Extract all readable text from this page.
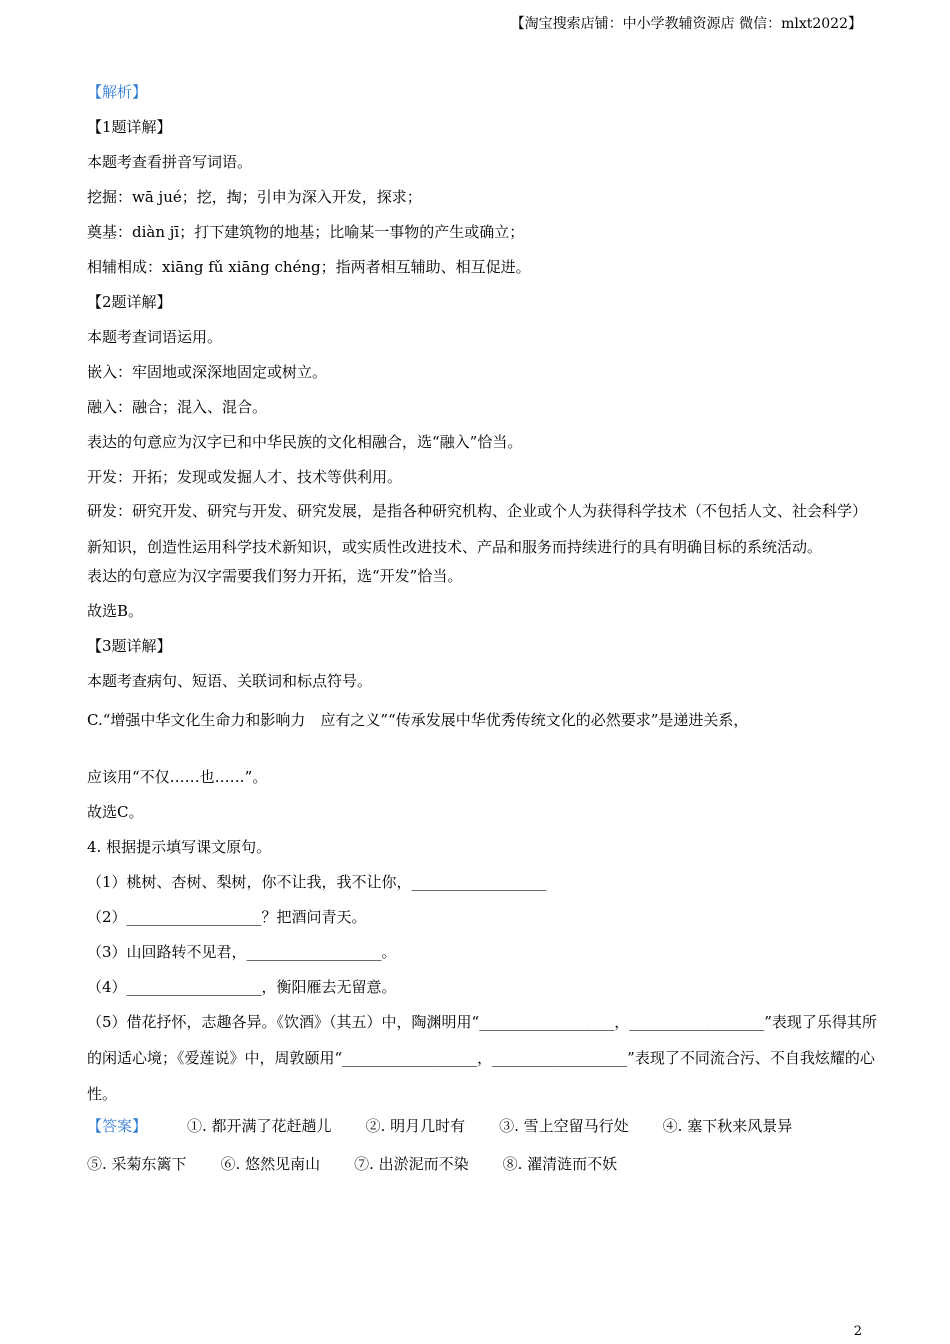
【淘宝搜索店铺：中小学教辅资源店 微信：mlxt2022】
【解析】
【1题详解】
本题考查看拼音写词语。
挖掘：wā jué；挖，掏；引申为深入开发，探求；
奠基：diàn jī；打下建筑物的地基；比喻某一事物的产生或确立；
相辅相成：xiāng fǔ xiāng chéng；指两者相互辅助、相互促进。
【2题详解】
本题考查词语运用。
嵌入：牢固地或深深地固定或树立。
融入：融合；混入、混合。
表达的句意应为汉字已和中华民族的文化相融合，选“融入”恰当。
开发：开拓；发现或发掘人才、技术等供利用。
研发：研究开发、研究与开发、研究发展，是指各种研究机构、企业或个人为获得科学技术（不包括人文、社会科学）新知识，创造性运用科学技术新知识，或实质性改进技术、产品和服务而持续进行的具有明确目标的系统活动。
表达的句意应为汉字需要我们努力开拓，选“开发”恰当。
故选B。
【3题详解】
本题考查病句、短语、关联词和标点符号。
C.“增强中华文化生命力和影响力　应有之义”“传承发展中华优秀传统文化的必然要求”是递进关系，
应该用“不仅……也……”。
故选C。
4. 根据提示填写课文原句。
（1）桃树、杏树、梨树，你不让我，我不让你，__________________
（2）__________________？把酒问青天。
（3）山回路转不见君，__________________。
（4）__________________，衡阳雁去无留意。
（5）借花抒怀，志趣各异。《饮酒》（其五）中，陶渊明用“__________________，__________________”表现了乐得其所的闲适心境；《爱莲说》中，周敦颐用“__________________，__________________”表现了不同流合污、不自我炫耀的心性。
【答案】	①. 都开满了花赶趟儿 ②. 明月几时有 ③. 雪上空留马行处 ④. 塞下秋来风景异
⑤. 采菊东篱下 ⑥. 悠然见南山 ⑦. 出淤泥而不染 ⑧. 濯清涟而不妖
2
